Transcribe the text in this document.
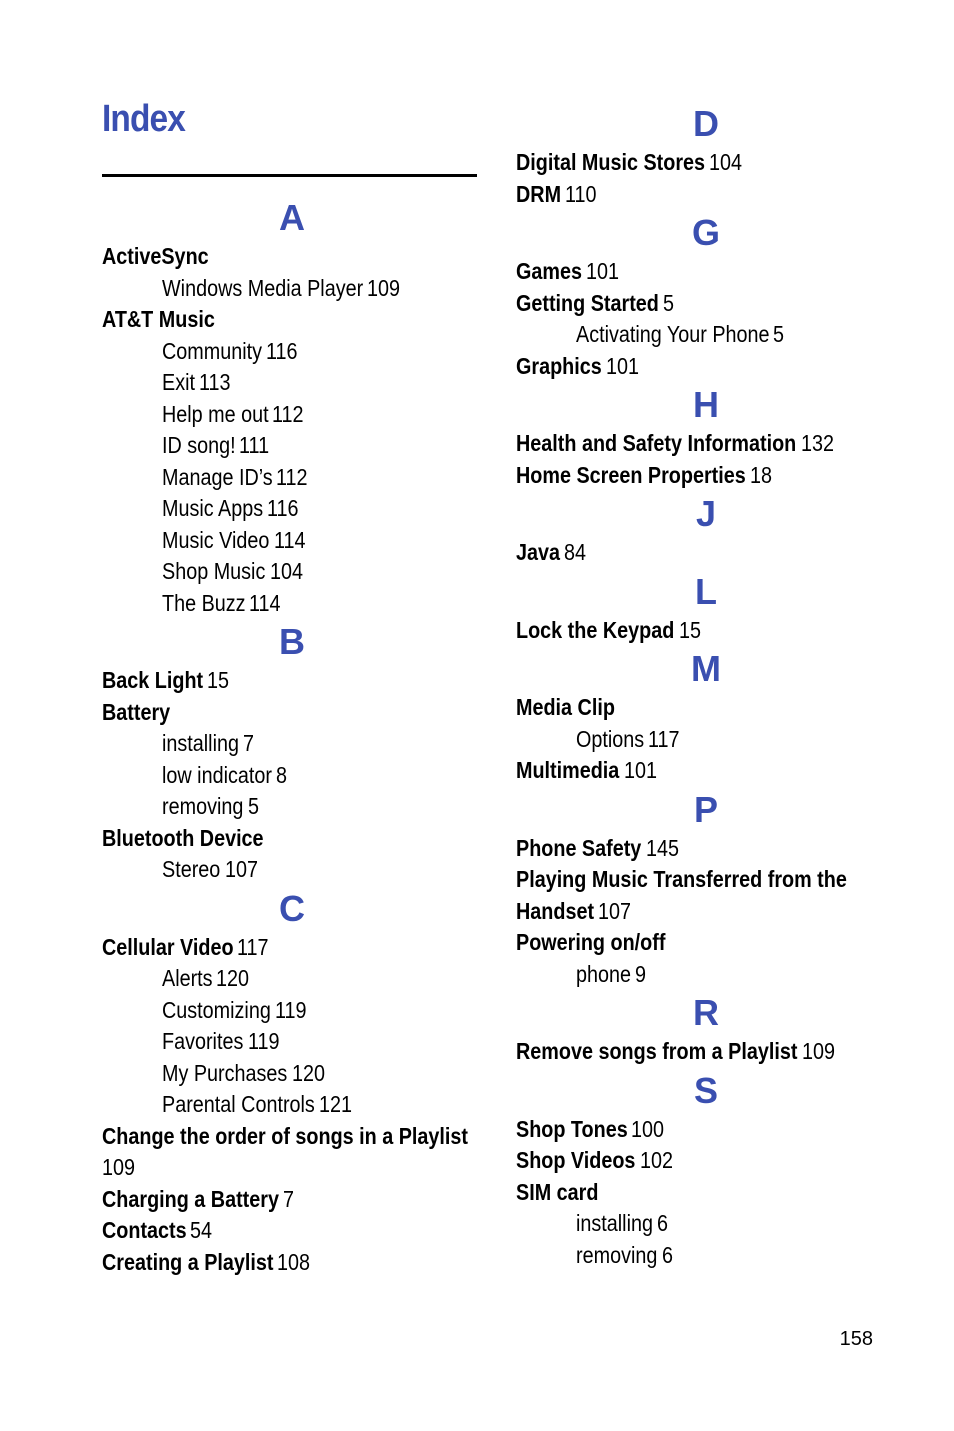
Index
A
ActiveSync
Windows Media Player 109
AT&T Music
Community 116
Exit 113
Help me out 112
ID song! 111
Manage ID’s 112
Music Apps 116
Music Video 114
Shop Music 104
The Buzz 114
B
Back Light 15
Battery
installing 7
low indicator 8
removing 5
Bluetooth Device
Stereo 107
C
Cellular Video 117
Alerts 120
Customizing 119
Favorites 119
My Purchases 120
Parental Controls 121
Change the order of songs in a Playlist
109
Charging a Battery 7
Contacts 54
Creating a Playlist 108
D
Digital Music Stores 104
DRM 110
G
Games 101
Getting Started 5
Activating Your Phone 5
Graphics 101
H
Health and Safety Information 132
Home Screen Properties 18
J
Java 84
L
Lock the Keypad 15
M
Media Clip
Options 117
Multimedia 101
P
Phone Safety 145
Playing Music Transferred from the
Handset 107
Powering on/off
phone 9
R
Remove songs from a Playlist 109
S
Shop Tones 100
Shop Videos 102
SIM card
installing 6
removing 6
158
